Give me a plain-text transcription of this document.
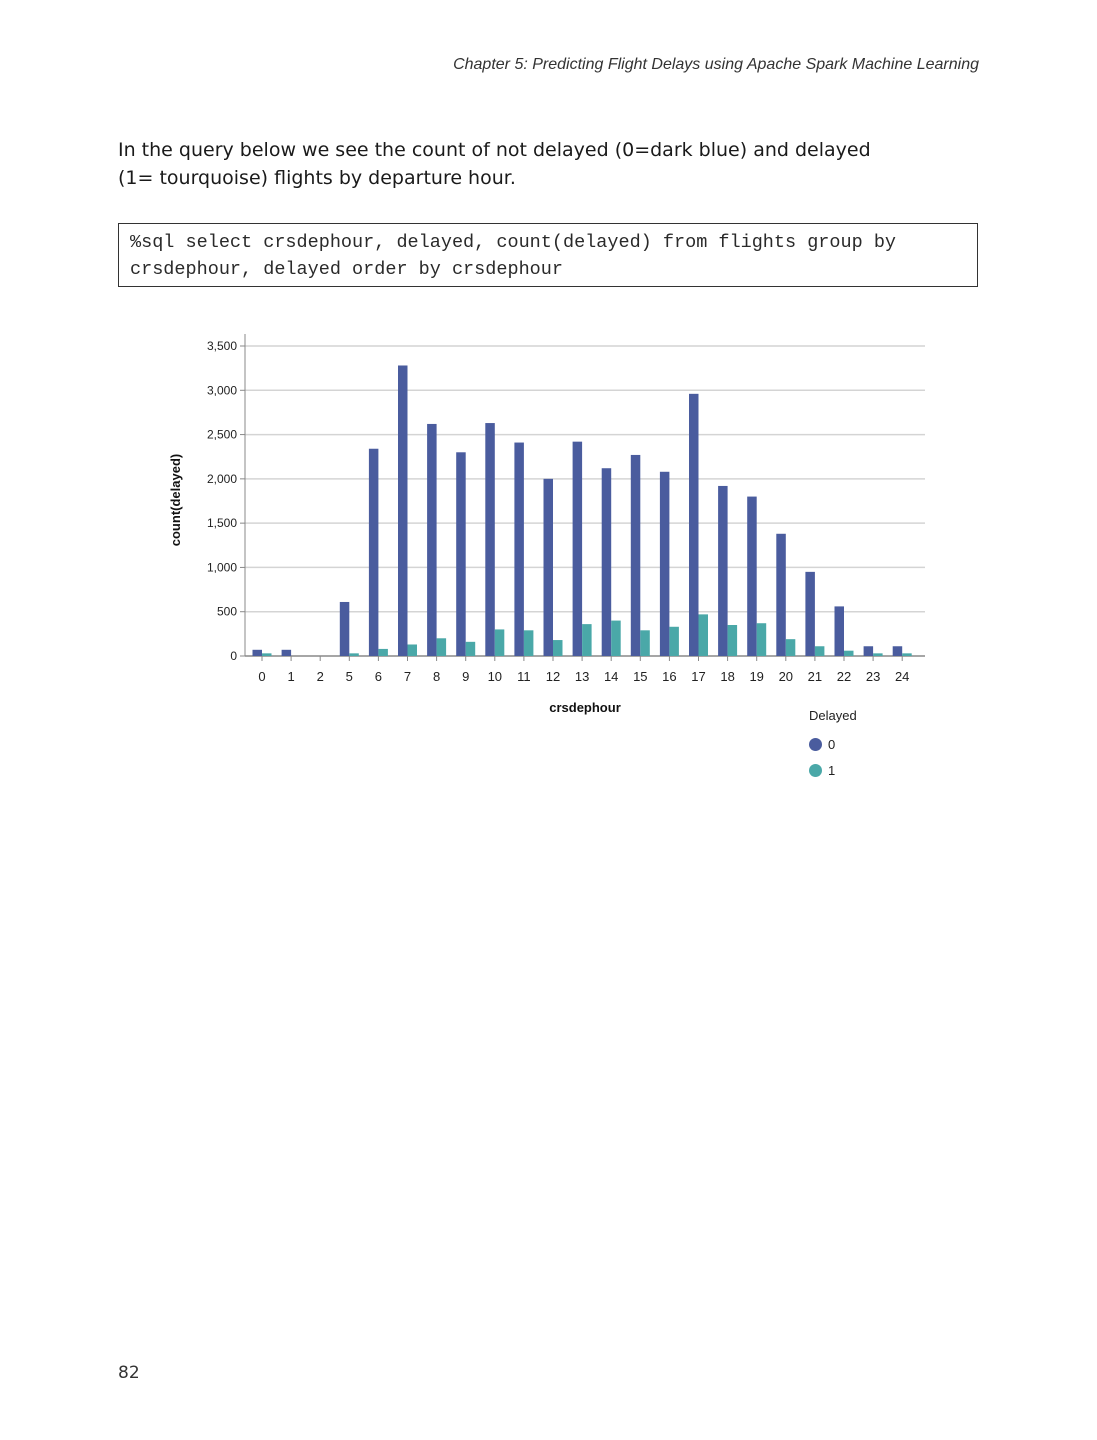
Chapter 5: Predicting Flight Delays using Apache Spark Machine Learning
In the query below we see the count of not delayed (0=dark blue) and delayed
(1= tourquoise) flights by departure hour.
%sql select crsdephour, delayed, count(delayed) from flights group by
crsdephour, delayed order by crsdephour
0
500
1,000
1,500
2,000
2,500
3,000
3,500
0 1 2 5 6 7 8 9 10 11 12 13 14 15 16 17 18 19 20 21 22 23 24
crsdephour
count(delayed)
Delayed
0
1
82
